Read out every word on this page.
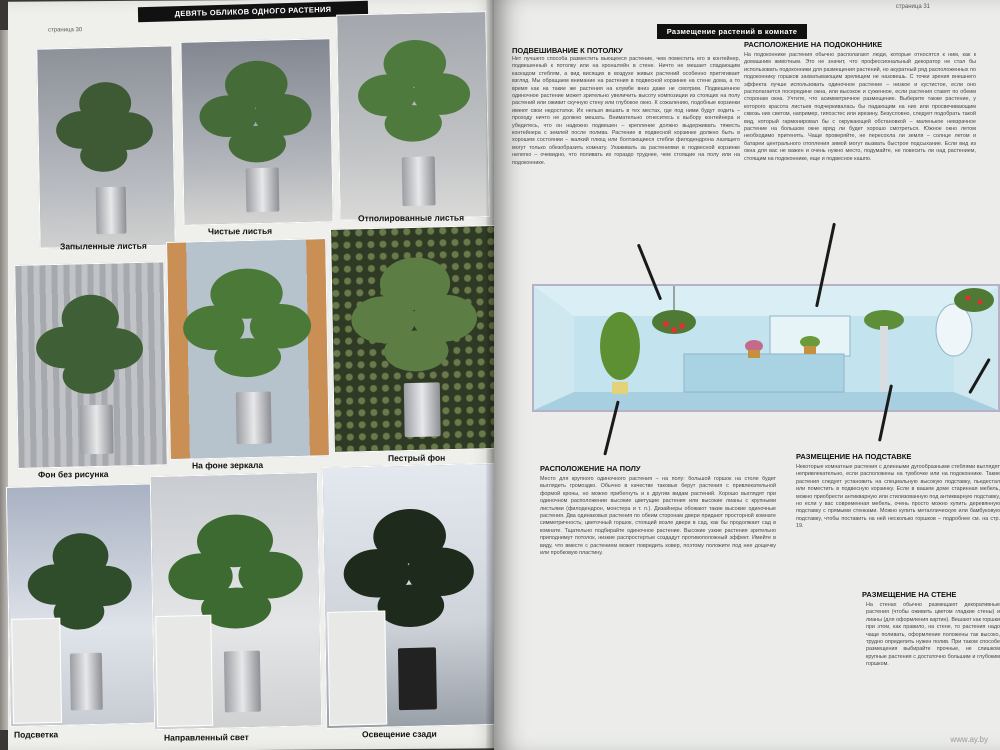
страница 30
ДЕВЯТЬ ОБЛИКОВ ОДНОГО РАСТЕНИЯ
Запыленные листья
Чистые листья
Отполированные листья
Фон без рисунка
На фоне зеркала
Пестрый фон
Подсветка	Направленный свет	Освещение сзади
страница 31
Размещение растений в комнате
ПОДВЕШИВАНИЕ К ПОТОЛКУ
Нет лучшего способа разместить вьющееся растение, чем поместить его в контейнер, подвешенный к потолку или на кронштейн в стене. Ничто не мешает спадающим каскадом стеблям, а вид висящих в воздухе живых растений особенно притягивает взгляд. Мы обращаем внимание на растения в подвесной корзинке на стене дома, а то время как на такие же растения на клумбе вниз даже не смотрим. Подвешенное одиночное растение может зрительно увеличить высоту композиции из стоящих на полу растений или оживит скучную стену или глубокое окно. К сожалению, подобные корзинки имеют свои недостатки. Их нельзя вешать в тех местах, где под ними будут ходить – проходу ничто не должно мешать. Внимательно отнеситесь к выбору контейнера и убедитесь, что он надежно подвешен – крепление должно выдерживать тяжесть контейнера с землей после полива. Растение в подвесной корзинке должно быть в хорошем состоянии – жалкий плющ или болтающиеся стебли филодендрона лазящего могут только обезобразить комнату. Ухаживать за растениями в подвесной корзинке нелегко – очевидно, что поливать их гораздо труднее, чем стоящие на полу или на подоконнике.
РАСПОЛОЖЕНИЕ НА ПОДОКОННИКЕ
На подоконнике растения обычно располагают люди, которые относятся к ним, как к домашним животным. Это не значит, что профессиональный декоратор не стал бы использовать подоконники для размещения растений, но акуратный ряд расположенных по подоконнику горшков захватывающим зрелищем не назовешь. С точки зрения внешнего эффекта лучше использовать одиночное растение – низкое и кустистое, если оно располагается посередине окна, или высокое и суженное, если растения ставят по обеим сторонам окна. Учтите, что асимметричное размещение. Выберите также растение, у которого красота листьев подчеркивалась бы падающим на них или просвечивающим сквозь них светом, например, гипоэстес или ирезину. Безусловно, следует подобрать такой вид, который гармонировал бы с окружающей обстановкой – маленькое невзрачное растение на большом окне вряд ли будет хорошо смотреться. Южное окно летом необходимо притенять. Чаще проверяйте, не пересохла ли земля – солнце летом и батареи центрального отопления зимой могут вызвать быстрое подсыхание. Если вид из окна для вас не важен и очень нужно место, подумайте, не повесить ли над растением, стоящим на подоконнике, еще и подвесное кашпо.
РАСПОЛОЖЕНИЕ НА ПОЛУ
Место для крупного одиночного растения – на полу: большой горшок на столе будет выглядеть громоздко. Обычно в качестве таковых берут растения с привлекательной формой кроны, но можно прибегнуть и к другим видам растений. Хорошо выглядят при одиночном расположении высокие цветущие растения или высокие лианы с крупными листьями (филодендрон, монстера и т. п.). Дизайнеры обожают такие высокие одиночные растения. Два одинаковых растения по обеим сторонам двери придают просторной комнате симметричность; цветочный горшок, стоящий возле двери в сад, как бы продолжает сад в комнате. Тщательно подбирайте одиночное растение. Высокие узкие растения зрительно приподнимут потолок, низкие распростертые создадут противоположный эффект. Имейте в виду, что вместе с растением может повредить ковер, поэтому положите под нее дощечку или пробковую пластину.
РАЗМЕЩЕНИЕ НА ПОДСТАВКЕ
Некоторые комнатные растения с длинными дугообразными стеблями выглядят непривлекательно, если расположены на тумбочке или на подоконнике. Такие растения следует установить на специальную высокую подставку, пьедестал или поместить в подвесную корзинку. Если в вашем доме старинная мебель, можно приобрести антикварную или стилизованную под антикварную подставку, но если у вас современная мебель, очень просто можно купить деревянную подставку с прямыми стенками. Можно купить металлическую или бамбуковую подставку, чтобы поставить на ней несколько горшков – подробнее см. на стр. 19.
РАЗМЕЩЕНИЕ НА СТЕНЕ
На стенах обычно размещают декоративные растения (чтобы оживить цветом гладкие стены) и лианы (для оформления картин). Вешают как горшки при этом, как правило, на стене, то растения надо чаще поливать, оформление положены так высоко, трудно определить нужен полив. При таком способе размещения выбирайте прочные, не слишком крупные растения с достаточно большим и глубоким горшком.
www.ay.by
